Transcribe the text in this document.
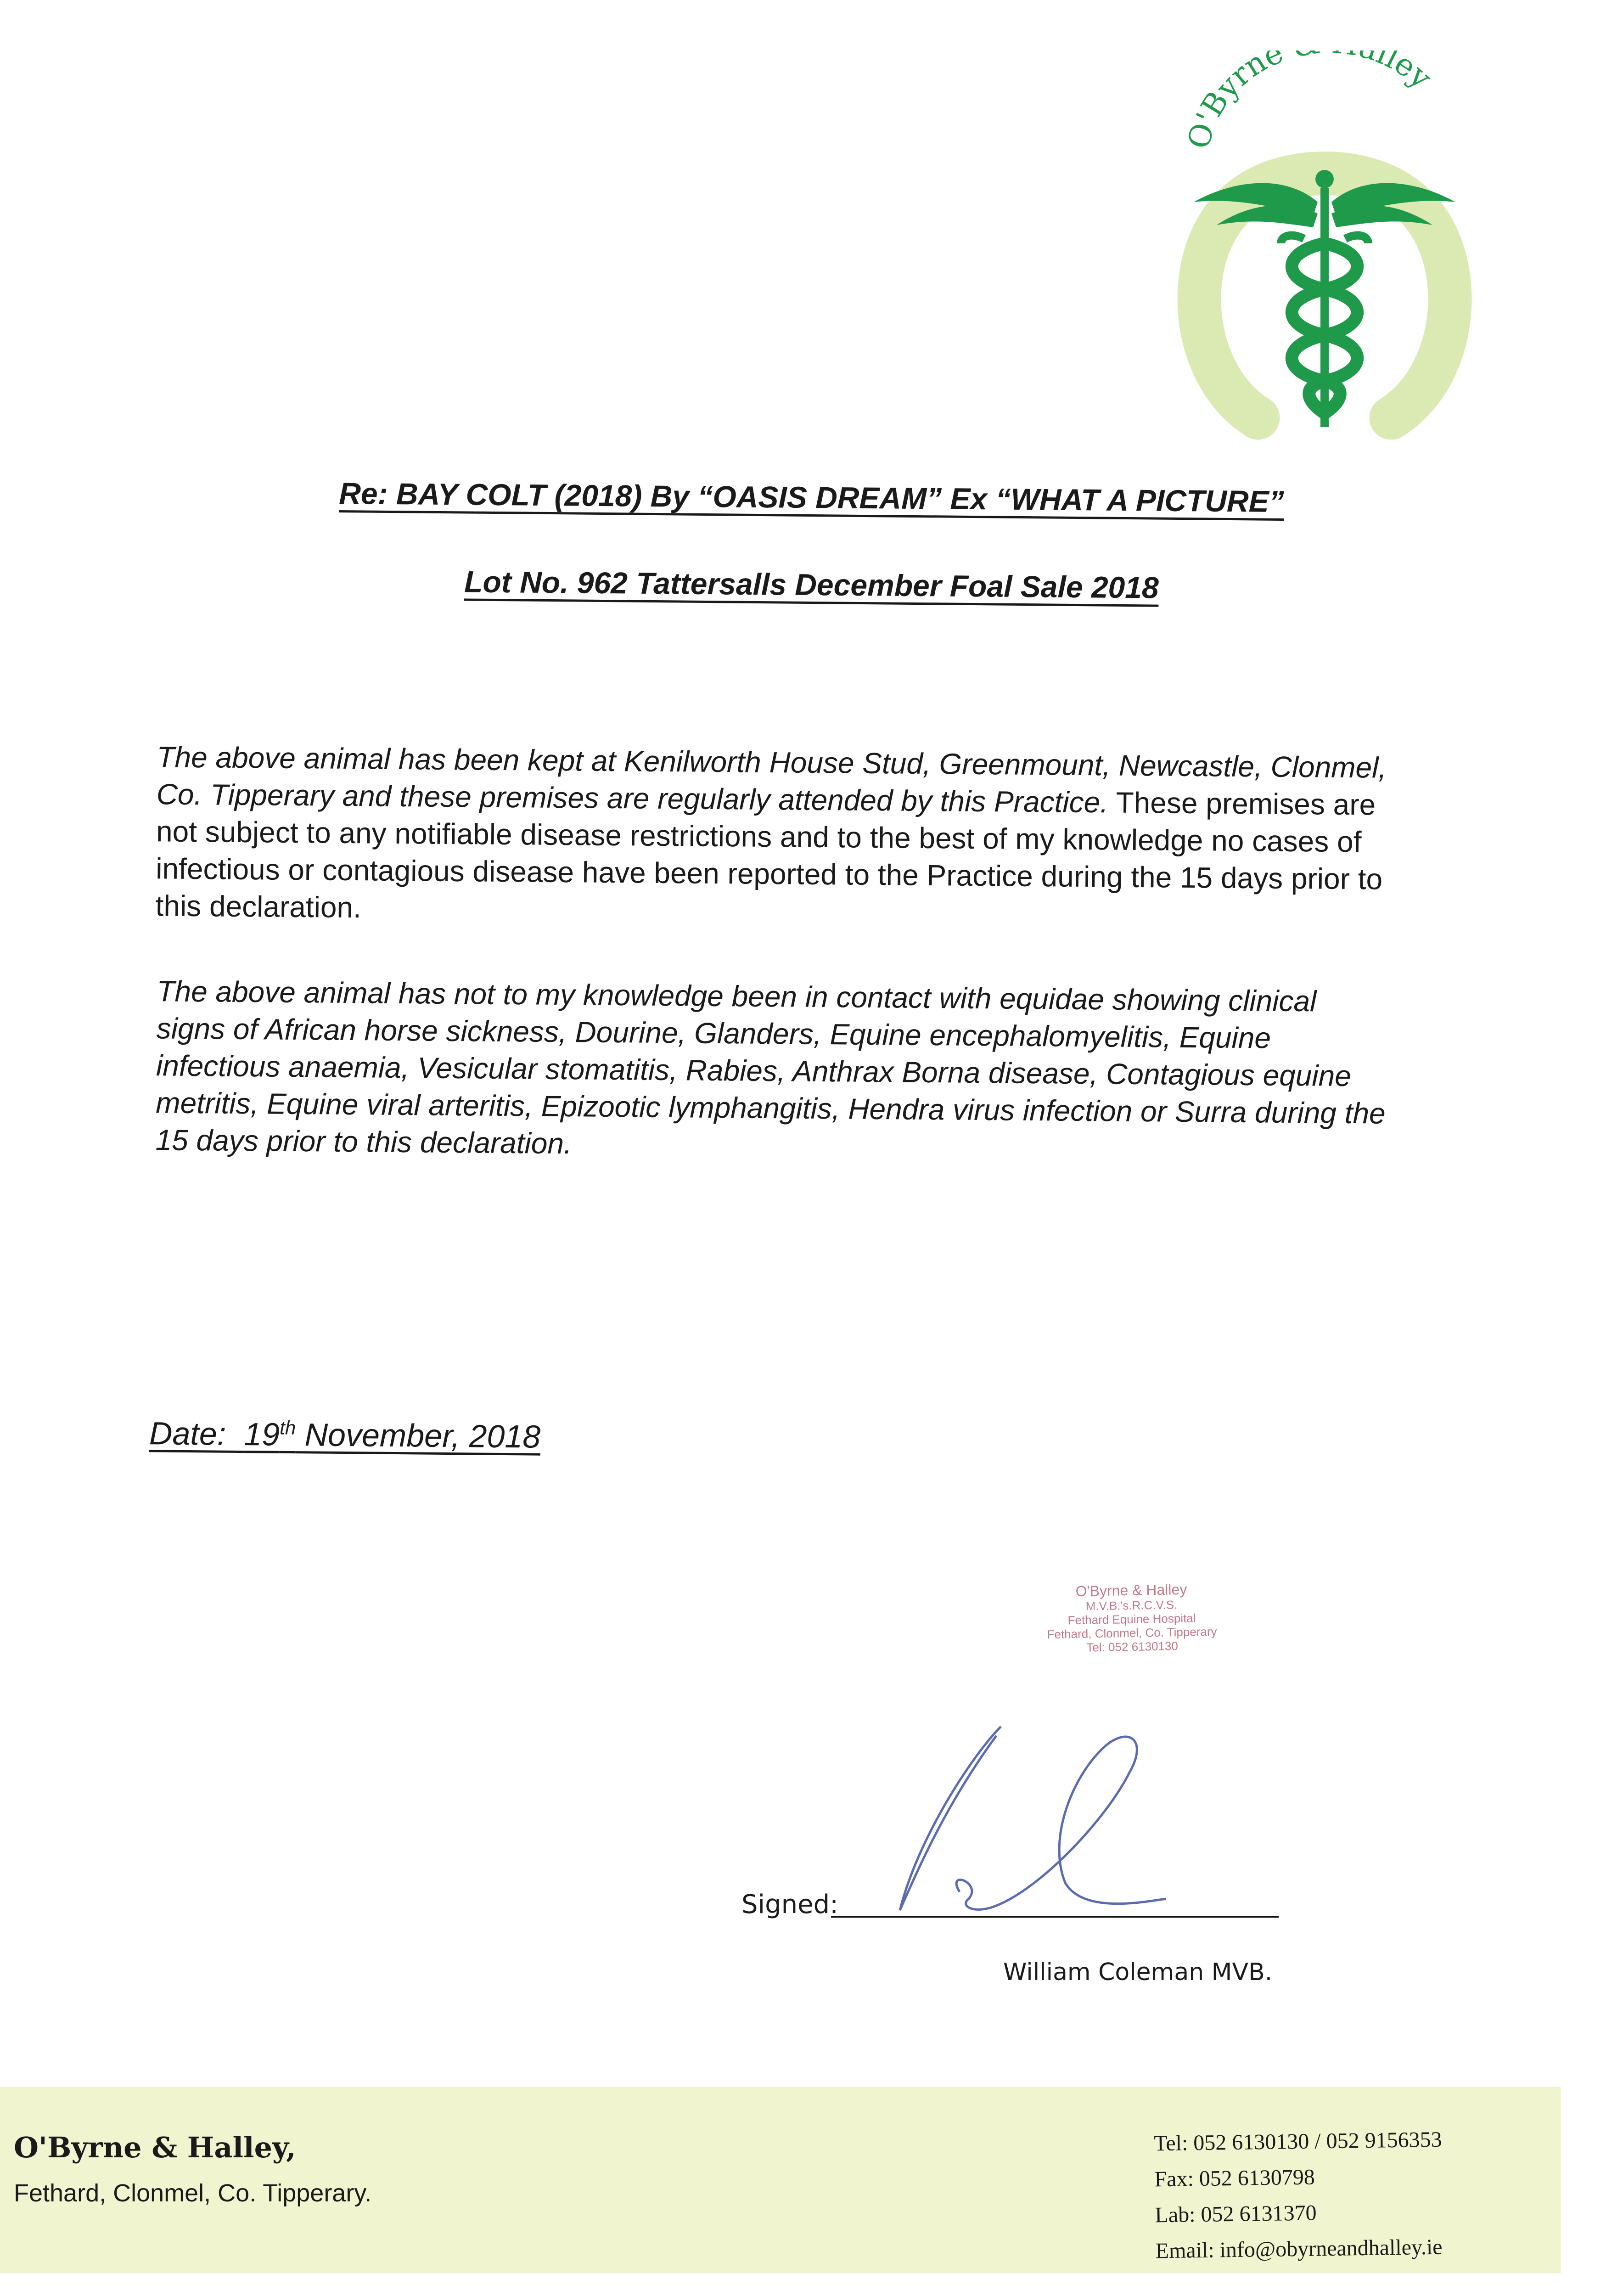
O'Byrne lley
Re: BAY COLT (2018) By “OASIS DREAM” Ex “WHAT A PICTURE”
Lot No. 962 Tattersalls December Foal Sale 2018
The above animal has been kept at Kenilworth House Stud, Greenmount, Newcastle, Clonmel, Co. Tipperary and these premises are regularly attended by this Practice. These premises are not subject to any notifiable disease restrictions and to the best of my knowledge no cases of infectious or contagious disease have been reported to the Practice during the 15 days prior to this declaration.
The above animal has not to my knowledge been in contact with equidae showing clinical signs of African horse sickness, Dourine, Glanders, Equine encephalomyelitis, Equine infectious anaemia, Vesicular stomatitis, Rabies, Anthrax Borna disease, Contagious equine metritis, Equine viral arteritis, Epizootic lymphangitis, Hendra virus infection or Surra during the 15 days prior to this declaration.
Date: 19th November, 2018
O'Byrne & Halley
M.V.B.'s.R.C.V.S.
Fethard Equine Hospital
Fethard, Clonmel, Co. Tipperary
Tel: 052 6130130
Signed:
William Coleman MVB.
O'Byrne & Halley,
Fethard, Clonmel, Co. Tipperary.
Tel: 052 6130130 / 052 9156353
Fax: 052 6130798
Lab: 052 6131370
Email: info@obyrneandhalley.ie
